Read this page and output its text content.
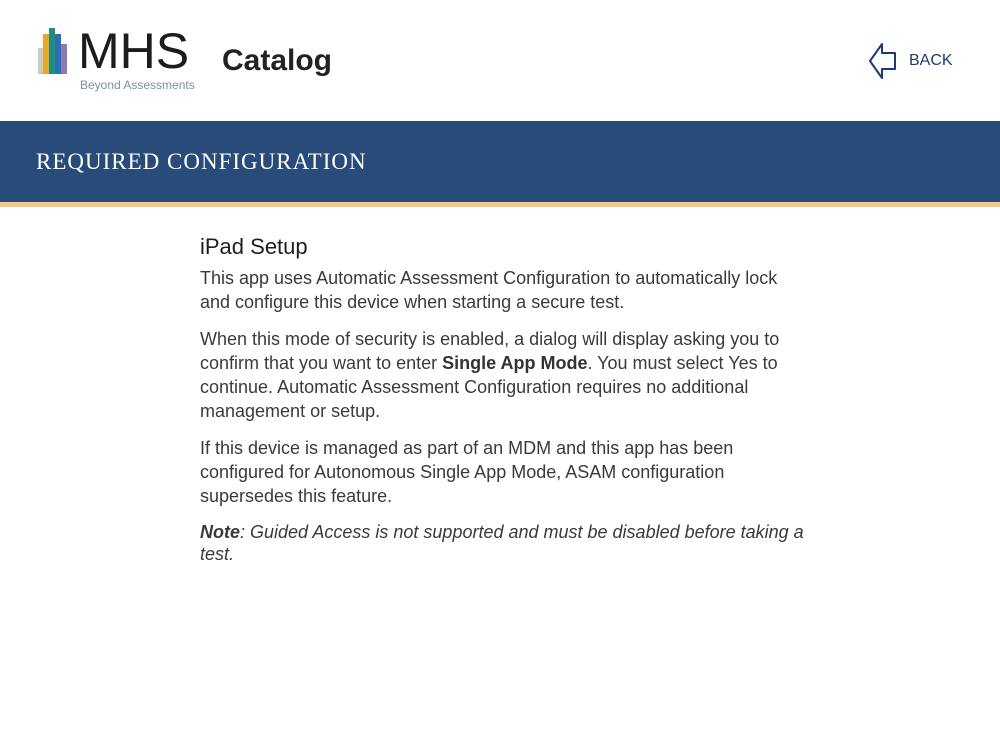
MHS
Beyond Assessments
Catalog	BACK
REQUIRED CONFIGURATION
iPad Setup

This app uses Automatic Assessment Configuration to automatically lock and configure this device when starting a secure test.

When this mode of security is enabled, a dialog will display asking you to confirm that you want to enter Single App Mode. You must select Yes to continue. Automatic Assessment Configuration requires no additional management or setup.

If this device is managed as part of an MDM and this app has been configured for Autonomous Single App Mode, ASAM configuration supersedes this feature.

Note: Guided Access is not supported and must be disabled before taking a test.
